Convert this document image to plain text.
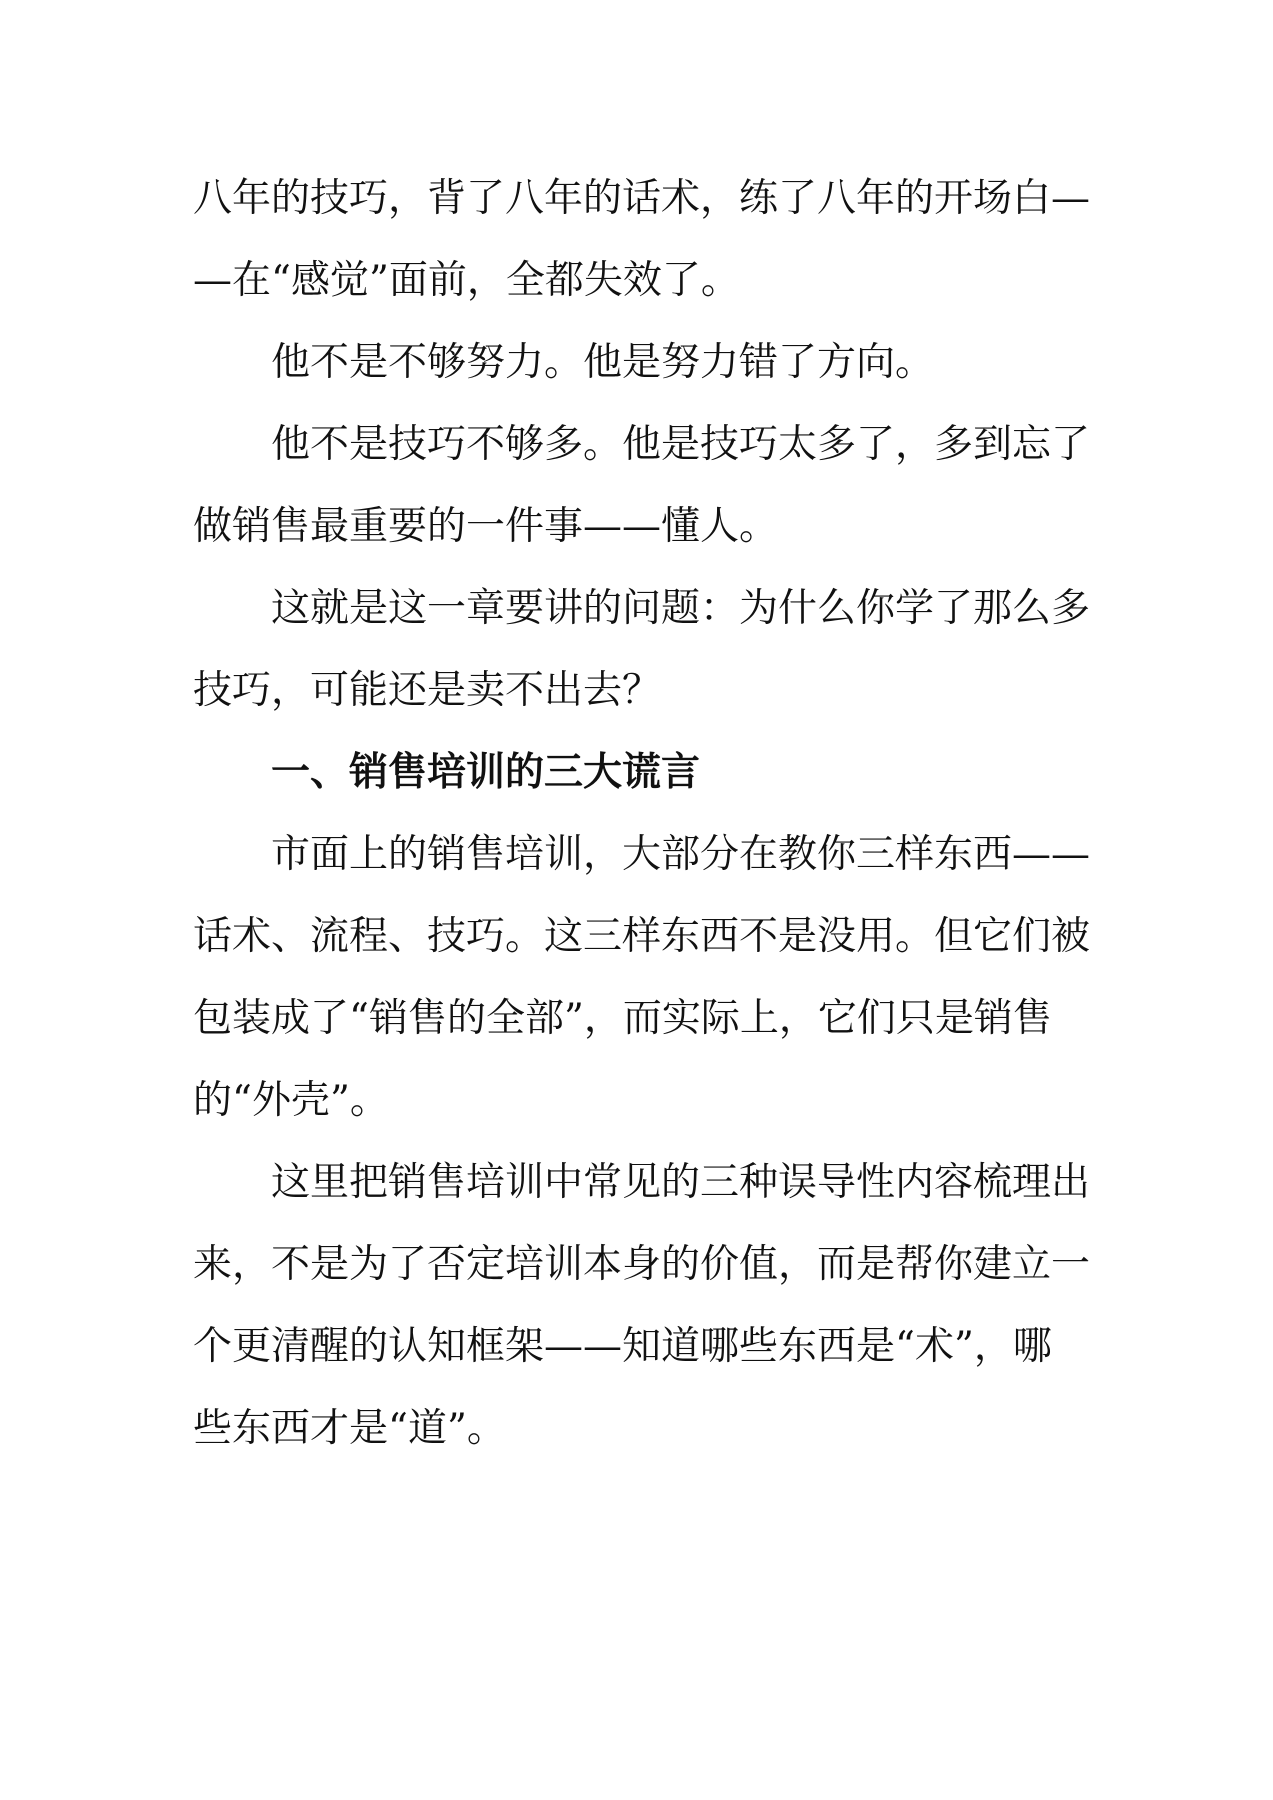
八年的技巧，背了八年的话术，练了八年的开场白—
—在“感觉”面前，全都失效了。
他不是不够努力。他是努力错了方向。
他不是技巧不够多。他是技巧太多了，多到忘了
做销售最重要的一件事——懂人。
这就是这一章要讲的问题：为什么你学了那么多
技巧，可能还是卖不出去？
一、销售培训的三大谎言
市面上的销售培训，大部分在教你三样东西——
话术、流程、技巧。这三样东西不是没用。但它们被
包装成了“销售的全部”，而实际上，它们只是销售
的“外壳”。
这里把销售培训中常见的三种误导性内容梳理出
来，不是为了否定培训本身的价值，而是帮你建立一
个更清醒的认知框架——知道哪些东西是“术”，哪
些东西才是“道”。
